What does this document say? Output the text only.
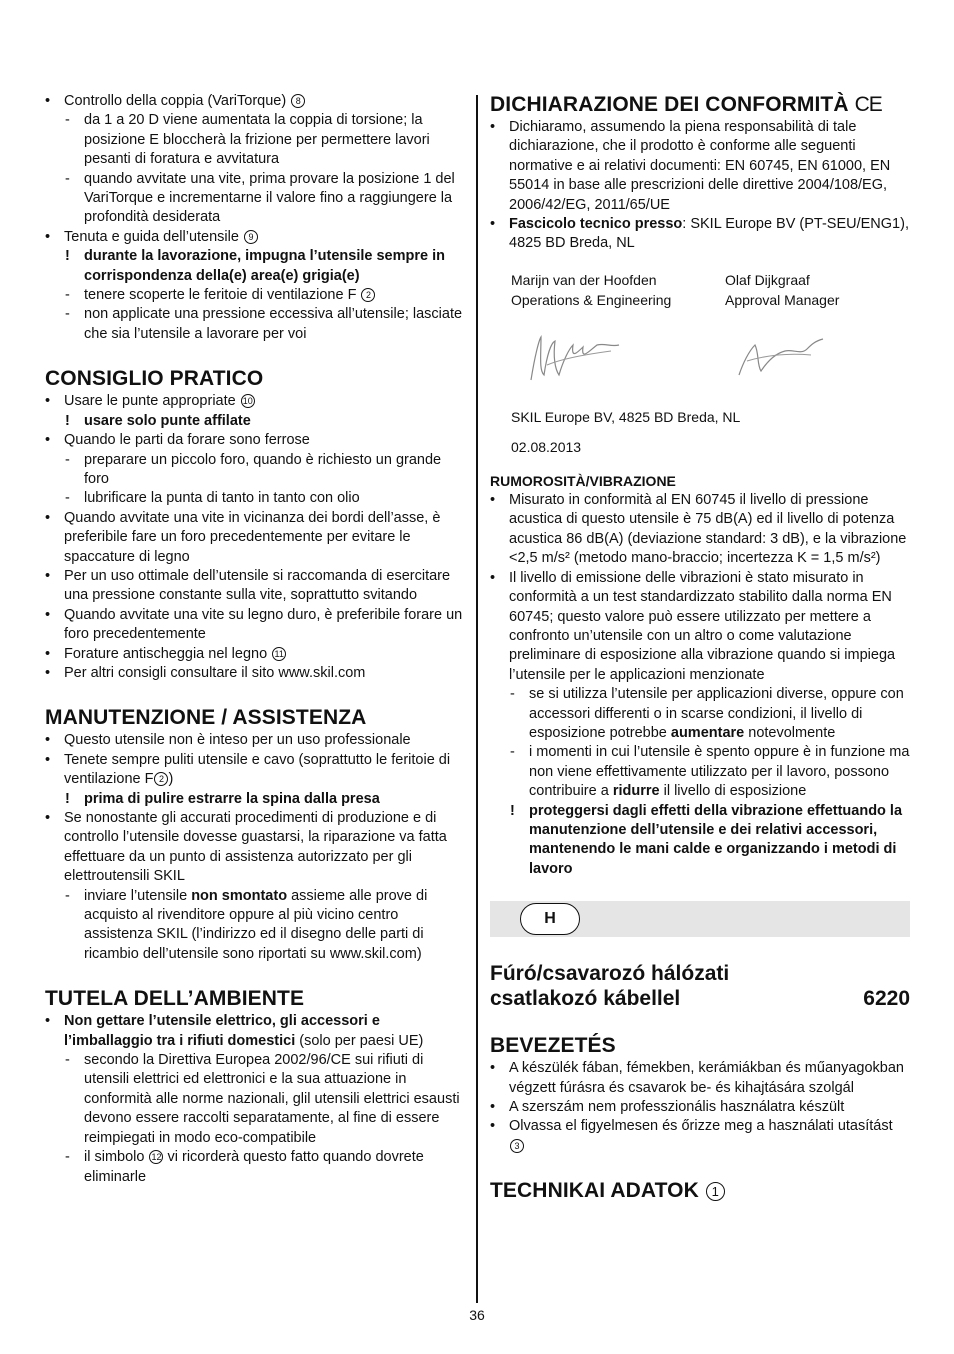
• Controllo della coppia (VariTorque) 8
- da 1 a 20 D viene aumentata la coppia di torsione; la posizione E bloccherà la frizione per permettere lavori pesanti di foratura e avvitatura
- quando avvitate una vite, prima provare la posizione 1 del VariTorque e incrementarne il valore fino a raggiungere la profondità desiderata
• Tenuta e guida dell’utensile 9
! durante la lavorazione, impugna l’utensile sempre in corrispondenza della(e) area(e) grigia(e)
- tenere scoperte le feritoie di ventilazione F 2
- non applicate una pressione eccessiva all’utensile; lasciate che sia l’utensile a lavorare per voi
CONSIGLIO PRATICO
• Usare le punte appropriate 10
! usare solo punte affilate
• Quando le parti da forare sono ferrose
- preparare un piccolo foro, quando è richiesto un grande foro
- lubrificare la punta di tanto in tanto con olio
• Quando avvitate una vite in vicinanza dei bordi dell’asse, è preferibile fare un foro precedentemente per evitare le spaccature di legno
• Per un uso ottimale dell’utensile si raccomanda di esercitare una pressione constante sulla vite, soprattutto svitando
• Quando avvitate una vite su legno duro, è preferibile forare un foro precedentemente
• Forature antischeggia nel legno 11
• Per altri consigli consultare il sito www.skil.com
MANUTENZIONE / ASSISTENZA
• Questo utensile non è inteso per un uso professionale
• Tenete sempre puliti utensile e cavo (soprattutto le feritoie di ventilazione F 2 )
! prima di pulire estrarre la spina dalla presa
• Se nonostante gli accurati procedimenti di produzione e di controllo l’utensile dovesse guastarsi, la riparazione va fatta effettuare da un punto di assistenza autorizzato per gli elettroutensili SKIL
- inviare l’utensile non smontato assieme alle prove di acquisto al rivenditore oppure al più vicino centro assistenza SKIL (l’indirizzo ed il disegno delle parti di ricambio dell’utensile sono riportati su www.skil.com)
TUTELA DELL’AMBIENTE
• Non gettare l’utensile elettrico, gli accessori e l’imballaggio tra i rifiuti domestici (solo per paesi UE)
- secondo la Direttiva Europea 2002/96/CE sui rifiuti di utensili elettrici ed elettronici e la sua attuazione in conformità alle norme nazionali, glil utensili elettrici esausti devono essere raccolti separatamente, al fine di essere reimpiegati in modo eco-compatibile
- il simbolo 12 vi ricorderà questo fatto quando dovrete eliminarle
DICHIARAZIONE DEI CONFORMITÀ CE
• Dichiaramo, assumendo la piena responsabilità di tale dichiarazione, che il prodotto è conforme alle seguenti normative e ai relativi documenti: EN 60745, EN 61000, EN 55014 in base alle prescrizioni delle direttive 2004/108/EG, 2006/42/EG, 2011/65/UE
• Fascicolo tecnico presso: SKIL Europe BV (PT-SEU/ENG1), 4825 BD Breda, NL
Marijn van der Hoofden
Operations & Engineering
Olaf Dijkgraaf
Approval Manager
SKIL Europe BV, 4825 BD Breda, NL
02.08.2013
RUMOROSITÀ/VIBRAZIONE
• Misurato in conformità al EN 60745 il livello di pressione acustica di questo utensile è 75 dB(A) ed il livello di potenza acustica 86 dB(A) (deviazione standard: 3 dB), e la vibrazione <2,5 m/s² (metodo mano-braccio; incertezza K = 1,5 m/s²)
• Il livello di emissione delle vibrazioni è stato misurato in conformità a un test standardizzato stabilito dalla norma EN 60745; questo valore può essere utilizzato per mettere a confronto un’utensile con un altro o come valutazione preliminare di esposizione alla vibrazione quando si impiega l’utensile per le applicazioni menzionate
- se si utilizza l’utensile per applicazioni diverse, oppure con accessori differenti o in scarse condizioni, il livello di esposizione potrebbe aumentare notevolmente
- i momenti in cui l’utensile è spento oppure è in funzione ma non viene effettivamente utilizzato per il lavoro, possono contribuire a ridurre il livello di esposizione
! proteggersi dagli effetti della vibrazione effettuando la manutenzione dell’utensile e dei relativi accessori, mantenendo le mani calde e organizzando i metodi di lavoro
H
Fúró/csavarozó hálózati
csatlakozó kábellel	6220
BEVEZETÉS
• A készülék fában, fémekben, kerámiákban és műanyagokban végzett fúrásra és csavarok be- és kihajtására szolgál
• A szerszám nem professzionális használatra készült
• Olvassa el figyelmesen és őrizze meg a használati utasítást 3
TECHNIKAI ADATOK 1
36
